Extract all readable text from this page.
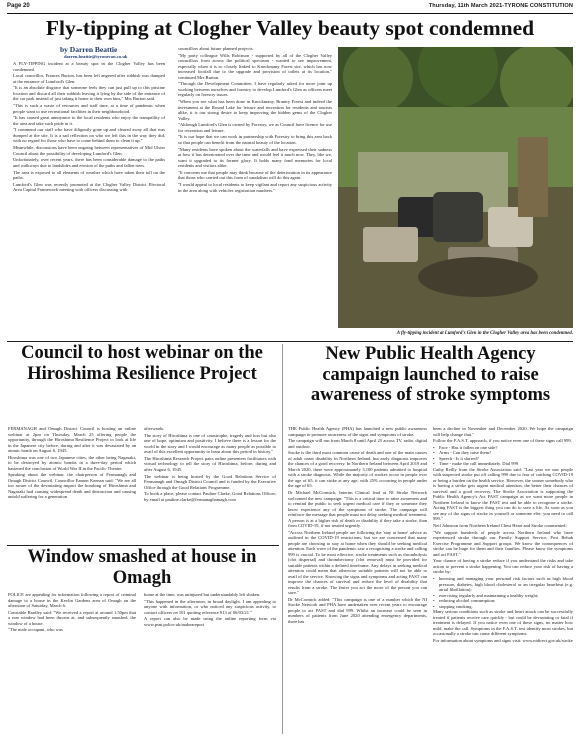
Page 20	Thursday, 11th March 2021-TYRONE CONSTITUTION
Fly-tipping at Clogher Valley beauty spot condemned
by Darren Beattie
darren.beattie@tyronecon.co.uk

A FLY-TIPPING incident at a beauty spot in the Clogher Valley has been condemned.

Local councillor, Frances Burton, has been left angered after rubbish was dumped at the entrance of Lumford's Glen.

"It is an absolute disgrace that someone feels they can just pull up to this pristine location and discard all their rubbish leaving it lying by the side of the entrance of the car park instead of just taking it home to their own bins," Mrs Burton said.

"This is such a waste of resources and staff time, at a time of pandemic when people want to use recreational facilities in their neighbourhood.

"It has caused great annoyance to the local residents who enjoy the tranquillity of the area and take such pride in it.

"I commend our staff who have diligently gone up and cleared away all that was dumped at the site. It is a sad reflection on who we left this in the way they did, with no regard for those who have to come behind them to clean it up."

Meanwhile, discussions have been ongoing between representatives of Mid Ulster Council about the possibility of developing Lumford's Glen.

Unfortunately, over recent years, there has been considerable damage to the paths and walkways due to landslides and erosion of the paths and fallen trees.

The area is exposed to all elements of weather which have taken their toll on the paths.

Lumford's Glen was recently promoted at the Clogher Valley District Electoral Area Capital Framework meeting with officers discussing with

councillors about future planned projects.

"My party colleague Wills Robinson - supported by all of the Clogher Valley councillors from across the political spectrum - wanted to see improvement, especially when it is so closely linked to Knockmany Forest site, which has now increased footfall due to the upgrade and provision of toilets at its location," continued Mrs Burton.

"Through the Development Committee, I have regularly asked for more joint up working between ourselves and forestry to develop Lumford's Glen as officers meet regularly on forestry issues.

"When you see what has been done in Knockmany, Brantry Forest and indeed the investment at the Round Lake for leisure and recreation for residents and tourists alike, it is our strong desire to keep improving the hidden gems of the Clogher Valley.

"Although Lumford's Glen is owned by Forestry, we as Council have licence for use for recreation and leisure.

"It is our hope that we can work in partnership with Forestry to bring this area back so that people can benefit from the natural beauty of the location.

"Many residents have spoken about the waterfalls and have expressed their sadness at how it has deteriorated over the time and would feel it much now. They, like we, want it upgraded to its former glory. It holds many fond memories for local residents and visitors alike.

"It concerns me that people may think because of the deterioration in its appearance that those who carried out this form of vandalism will do this again.

"I would appeal to local residents to keep vigilant and report any suspicious activity in the area along with vehicles registration numbers."

A fly-tipping incident at Lumford's Glen in the Clogher Valley area has been condemned.
Council to host webinar on the Hiroshima Resilience Project

FERMANAGH and Omagh District Council is hosting an online webinar at 2pm on Thursday, March 25 offering people the opportunity, through the Hiroshima Resilience Project to look at life in the Japanese city before, during and after it was devastated by an atomic bomb on August 6, 1945.

Hiroshima was one of two Japanese cities, the other being Nagasaki, to be destroyed by atomic bombs in a three-day period which hastened the conclusion of World War II in the Pacific Theatre.

Speaking about the webinar, the chairperson of Fermanagh and Omagh District Council, Councillor Eamon Keenan said: "We are all too aware of the devastating impact the bombing of Hiroshima and Nagasaki had causing widespread death and destruction and causing untold suffering for a generation

afterwards.

The story of Hiroshima is one of catastrophe, tragedy and loss but also one of hope, optimism and positivity. I believe there is a lesson for the world in the story and I would encourage as many people as possible to avail of this excellent opportunity to learn about this period in history."

The Hiroshima Research Project pairs online presenters facilitators with virtual technology to tell the story of Hiroshima, before, during and after August 6, 1945.

The webinar is being hosted by the Good Relations Service of Fermanagh and Omagh District Council and is funded by the Executive Office through the Good Relations Programme.

To book a place, please contact Pauline Clarke, Good Relations Officer, by email at pauline.clarke@fermanaghomagh.com

Window smashed at house in Omagh

POLICE are appealing for information following a report of criminal damage to a house in the Kevlin Gardens area of Omagh on the afternoon of Saturday, March 6.

Constable Bradley said: "We received a report at around 1.50pm that a rear window had been thrown at, and subsequently smashed, the window of a house.

"The male occupant, who was

home at the time, was uninjured but understandably left shaken.

"This happened in the afternoon, in broad daylight. I am appealing to anyone with information, or who noticed any suspicious activity, to contact officers on 101 quoting reference 913 of 06/03/21."

A report can also be made using the online reporting form via www.psni.police.uk/makeareport

New Public Health Agency campaign launched to raise awareness of stroke symptoms

THE Public Health Agency (PHA) has launched a new public awareness campaign to promote awareness of the signs and symptoms of stroke.

The campaign will run from March 8 until April 25 across TV, radio, digital and outdoor.

Stroke is the third most common cause of death and one of the main causes of adult onset disability in Northern Ireland, but early diagnosis improves the chances of a good recovery. In Northern Ireland between April 2019 and March 2020, there were approximately 3,100 patients admitted to hospital with a stroke diagnosis. While the majority of strokes occur in people over the age of 65, it can strike at any age, with 25% occurring in people under the age of 65.

Dr Michael McCormick, Interim Clinical lead at NI Stroke Network welcomed the new campaign: "This is a critical time to raise awareness and to remind the public to seek urgent medical care if they or someone they know experience any of the symptoms of stroke. The campaign will reinforce the message that people must not delay seeking medical treatment. A person is at a higher risk of death or disability if they take a stroke, than from COVID-19, if not treated urgently.

"Across Northern Ireland people are following the 'stay at home' advice as outlined in the COVID-19 restrictions, but we are concerned that many people are choosing to stay at home when they should be seeking medical attention. Each wave of the pandemic saw a recognising a stroke and calling 999 is crucial. To be most effective, stroke treatments such as thrombolysis (clot dispersal) and thrombectomy (clot removal) must be provided for suitable patients within a defined timeframe. Any delays in seeking medical attention could mean that otherwise suitable patients will not be able to avail of the service. Knowing the signs and symptoms and acting FAST can improve the chances of survival and reduce the level of disability that results from a stroke. The faster you act the more of the person you can save."

Dr McCormick added: "This campaign is one of a number which the NI Stroke Network and PHA have undertaken over recent years to encourage people to act FAST and dial 999. Whilst an increase could be seen in numbers of patients from June 2020 attending emergency departments, there has

been a decline in November and December 2020. We hope the campaign will help change that."

Follow the F.A.S.T. approach, if you notice even one of these signs call 999.

• Face - Has it fallen on one side?
• Arms - Can they raise them?
• Speech - Is it slurred?
• Time - make the call immediately. Dial 999

Cathy Reilly from the Stroke Association said: "Last year we saw people with suspected stroke put off calling 999 due to fear of catching COVID-19 or being a burden on the health service. However, the sooner somebody who is having a stroke gets urgent medical attention, the better their chances of survival and a good recovery. The Stroke Association is supporting the Public Health Agency's Act FAST campaign as we want more people in Northern Ireland to know the FAST test and be able to recognise a stroke. Acting FAST is the biggest thing you can do to save a life. As soon as you see any of the signs of stroke in yourself or someone else, you need to call 999."

Neil Johnston from Northern Ireland Chest Heart and Stroke commented:

"We support hundreds of people across Northern Ireland who have experienced stroke through our Family Support Service, Post Rehab Exercise Programme and Support groups. We know the consequences of stroke can be huge for them and their families. Please know the symptoms and act FAST."

Your chance of having a stroke reduce if you understand the risks and take action to prevent a stroke happening. You can reduce your risk of having a stroke by:

• knowing and managing your personal risk factors such as high blood pressure, diabetes, high blood cholesterol or an irregular heartbeat (e.g. atrial fibrillation);
• exercising regularly and maintaining a healthy weight;
• reducing alcohol consumption;
• stopping smoking.

Many serious conditions such as stroke and heart attack can be successfully treated if patients receive care quickly - but could be devastating or fatal if treatment is delayed. If you notice even one of these signs, no matter how mild, make the call. Symptoms in the F.A.S.T. test identify most strokes, but occasionally a stroke can cause different symptoms.

For information about symptoms and signs visit: www.nidirect.gov.uk/stroke
